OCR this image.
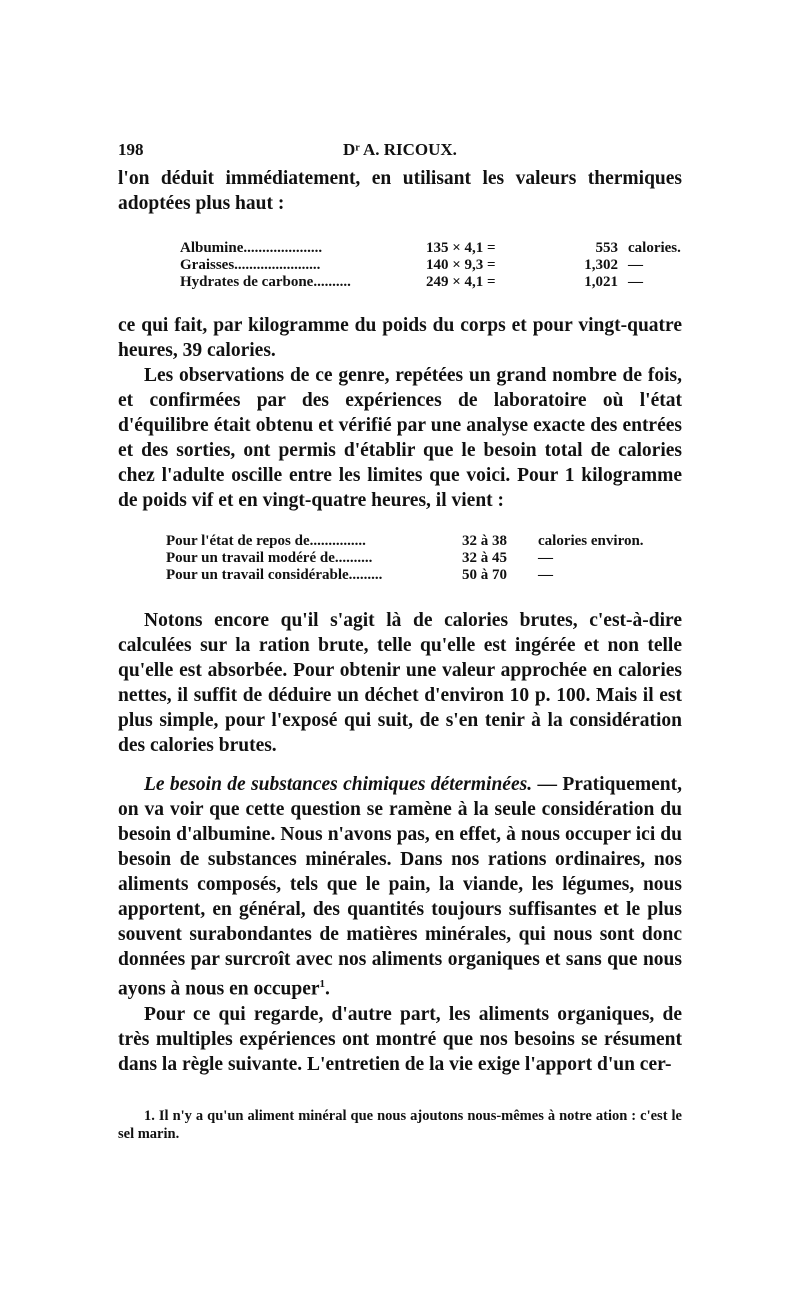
198	Dʳ A. RICOUX.

l'on déduit immédiatement, en utilisant les valeurs thermiques adoptées plus haut :

Albumine.....................	135 × 4,1 =	553	calories.
Graisses.......................	140 × 9,3 =	1,302	—
Hydrates de carbone..........	249 × 4,1 =	1,021	—

ce qui fait, par kilogramme du poids du corps et pour vingt-quatre heures, 39 calories.

Les observations de ce genre, repétées un grand nombre de fois, et confirmées par des expériences de laboratoire où l'état d'équilibre était obtenu et vérifié par une analyse exacte des entrées et des sorties, ont permis d'établir que le besoin total de calories chez l'adulte oscille entre les limites que voici. Pour 1 kilogramme de poids vif et en vingt-quatre heures, il vient :

Pour l'état de repos de...............	32 à 38	calories environ.
Pour un travail modéré de..........	32 à 45	—
Pour un travail considérable.........	50 à 70	—

Notons encore qu'il s'agit là de calories brutes, c'est-à-dire calculées sur la ration brute, telle qu'elle est ingérée et non telle qu'elle est absorbée. Pour obtenir une valeur approchée en calories nettes, il suffit de déduire un déchet d'environ 10 p. 100. Mais il est plus simple, pour l'exposé qui suit, de s'en tenir à la considération des calories brutes.

Le besoin de substances chimiques déterminées. — Pratiquement, on va voir que cette question se ramène à la seule considération du besoin d'albumine. Nous n'avons pas, en effet, à nous occuper ici du besoin de substances minérales. Dans nos rations ordinaires, nos aliments composés, tels que le pain, la viande, les légumes, nous apportent, en général, des quantités toujours suffisantes et le plus souvent surabondantes de matières minérales, qui nous sont donc données par surcroît avec nos aliments organiques et sans que nous ayons à nous en occuper$^1$.

Pour ce qui regarde, d'autre part, les aliments organiques, de très multiples expériences ont montré que nos besoins se résument dans la règle suivante. L'entretien de la vie exige l'apport d'un cer-

1. Il n'y a qu'un aliment minéral que nous ajoutons nous-mêmes à notre ation : c'est le sel marin.
